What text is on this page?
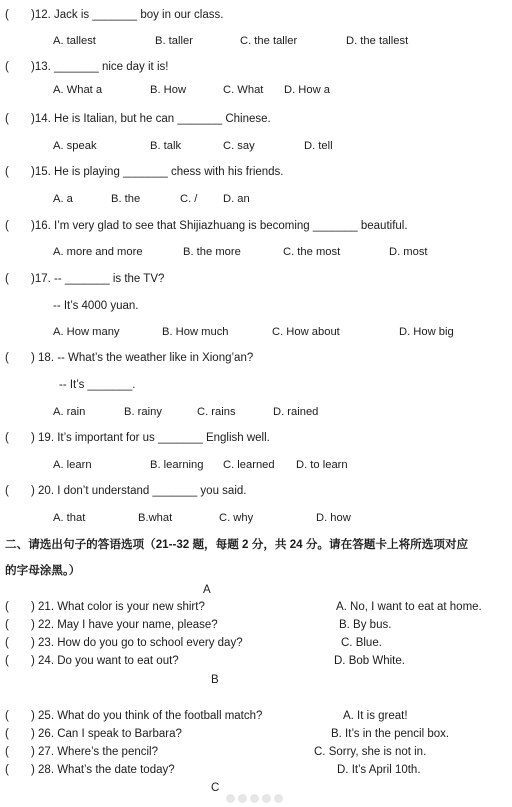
( )12. Jack is _______ boy in our class.
A. tallest	B. taller	C. the taller	D. the tallest
( )13. _______ nice day it is!
A. What a	B. How	C. What D. How a
( )14. He is Italian, but he can _______ Chinese.
A. speak	B. talk	C. say	D. tell
( )15. He is playing _______ chess with his friends.
A. a	B. the	C. / D. an
( )16. I’m very glad to see that Shijiazhuang is becoming _______ beautiful.
A. more and more	B. the more	C. the most	D. most
( )17. -- _______ is the TV?
-- It’s 4000 yuan.
A. How many	B. How much	C. How about	D. How big
( ) 18. -- What’s the weather like in Xiong’an?
-- It’s _______.
A. rain	B. rainy	C. rains	D. rained
( ) 19. It’s important for us _______ English well.
A. learn	B. learning C. learned D. to learn
( ) 20. I don’t understand _______ you said.
A. that	B.what	C. why	D. how
二、请选出句子的答语选项（21--32 题，每题 2 分，共 24 分。请在答题卡上将所选项对应
的字母涂黑。）
A
( ) 21. What color is your new shirt?	A. No, I want to eat at home.
( ) 22. May I have your name, please?	B. By bus.
( ) 23. How do you go to school every day?	C. Blue.
( ) 24. Do you want to eat out?	D. Bob White.
B
( ) 25. What do you think of the football match?	A. It is great!
( ) 26. Can I speak to Barbara?	B. It’s in the pencil box.
( ) 27. Where’s the pencil?	C. Sorry, she is not in.
( ) 28. What’s the date today?	D. It’s April 10th.
C
